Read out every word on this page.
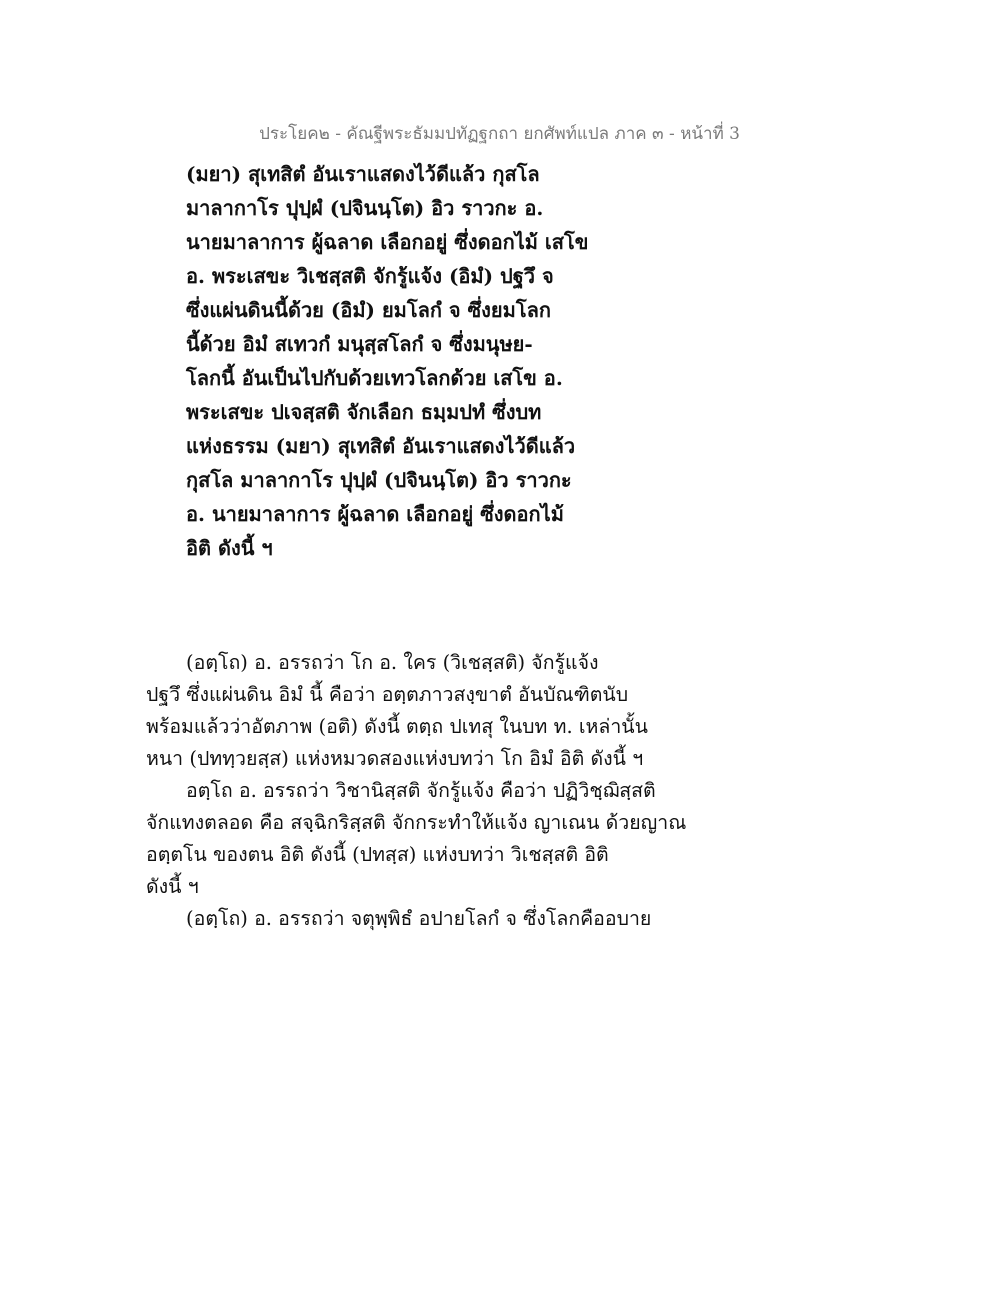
ประโยค๒ - คัณฐีพระธัมมปทัฏฐกถา ยกศัพท์แปล ภาค ๓ - หน้าที่ 3
(มยา) สุเทสิตํ อันเราแสดงไว้ดีแล้ว กุสโล
มาลากาโร ปุปฺผํ (ปจินนฺโต) อิว ราวกะ อ.
นายมาลาการ ผู้ฉลาด เลือกอยู่ ซึ่งดอกไม้ เสโข
อ. พระเสขะ วิเชสฺสติ จักรู้แจ้ง (อิมํ) ปฐวึ จ
ซึ่งแผ่นดินนี้ด้วย (อิมํ) ยมโลกํ จ ซึ่งยมโลก
นี้ด้วย อิมํ สเทวกํ มนุสฺสโลกํ จ ซึ่งมนุษย-
โลกนี้ อันเป็นไปกับด้วยเทวโลกด้วย เสโข อ.
พระเสขะ ปเจสฺสติ จักเลือก ธมฺมปทํ ซึ่งบท
แห่งธรรม (มยา) สุเทสิตํ อันเราแสดงไว้ดีแล้ว
กุสโล มาลากาโร ปุปฺผํ (ปจินนฺโต) อิว ราวกะ
อ. นายมาลาการ ผู้ฉลาด เลือกอยู่ ซึ่งดอกไม้
อิติ ดังนี้ ฯ
(อตฺโถ) อ. อรรถว่า โก อ. ใคร (วิเชสฺสติ) จักรู้แจ้ง
ปฐวึ ซึ่งแผ่นดิน อิมํ นี้ คือว่า อตฺตภาวสงฺขาตํ อันบัณฑิตนับ
พร้อมแล้วว่าอัตภาพ (อติ) ดังนี้ ตตฺถ ปเทสุ ในบท ท. เหล่านั้น
หนา (ปททฺวยสฺส) แห่งหมวดสองแห่งบทว่า โก อิมํ อิติ ดังนี้ ฯ
อตฺโถ อ. อรรถว่า วิชานิสฺสติ จักรู้แจ้ง คือว่า ปฏิวิชฺฌิสฺสติ
จักแทงตลอด คือ สจฺฉิกริสฺสติ จักกระทำให้แจ้ง ญาเณน ด้วยญาณ
อตฺตโน ของตน อิติ ดังนี้ (ปทสฺส) แห่งบทว่า วิเชสฺสติ อิติ
ดังนี้ ฯ
(อตฺโถ) อ. อรรถว่า จตุพฺพิธํ อปายโลกํ จ ซึ่งโลกคืออบาย
